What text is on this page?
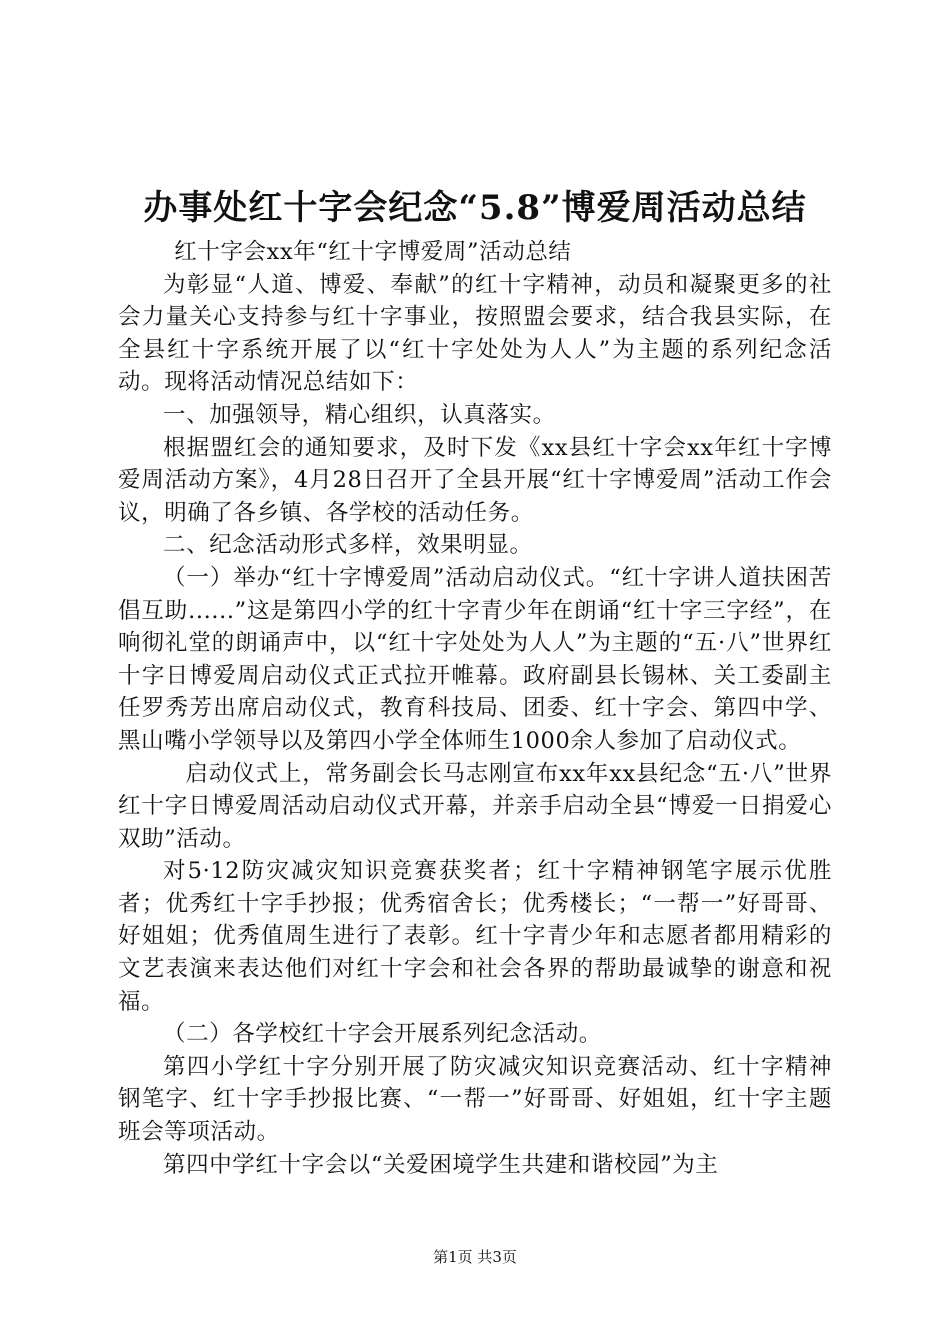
办事处红十字会纪念“5.8”博爱周活动总结

红十字会xx年“红十字博爱周”活动总结

为彰显“人道、博爱、奉献”的红十字精神，动员和凝聚更多的社会力量关心支持参与红十字事业，按照盟会要求，结合我县实际，在全县红十字系统开展了以“红十字处处为人人”为主题的系列纪念活动。现将活动情况总结如下：

一、加强领导，精心组织，认真落实。

根据盟红会的通知要求，及时下发《xx县红十字会xx年红十字博爱周活动方案》，4月28日召开了全县开展“红十字博爱周”活动工作会议，明确了各乡镇、各学校的活动任务。

二、纪念活动形式多样，效果明显。

（一）举办“红十字博爱周”活动启动仪式。“红十字讲人道扶困苦倡互助......”这是第四小学的红十字青少年在朗诵“红十字三字经”，在响彻礼堂的朗诵声中，以“红十字处处为人人”为主题的“五·八”世界红十字日博爱周启动仪式正式拉开帷幕。政府副县长锡林、关工委副主任罗秀芳出席启动仪式，教育科技局、团委、红十字会、第四中学、黑山嘴小学领导以及第四小学全体师生1000余人参加了启动仪式。

启动仪式上，常务副会长马志刚宣布xx年xx县纪念“五·八”世界红十字日博爱周活动启动仪式开幕，并亲手启动全县“博爱一日捐爱心双助”活动。

对5·12防灾减灾知识竞赛获奖者；红十字精神钢笔字展示优胜者；优秀红十字手抄报；优秀宿舍长；优秀楼长；“一帮一”好哥哥、好姐姐；优秀值周生进行了表彰。红十字青少年和志愿者都用精彩的文艺表演来表达他们对红十字会和社会各界的帮助最诚挚的谢意和祝福。

（二）各学校红十字会开展系列纪念活动。

第四小学红十字分别开展了防灾减灾知识竞赛活动、红十字精神钢笔字、红十字手抄报比赛、“一帮一”好哥哥、好姐姐，红十字主题班会等项活动。

第四中学红十字会以“关爱困境学生共建和谐校园”为主

第1页 共3页
